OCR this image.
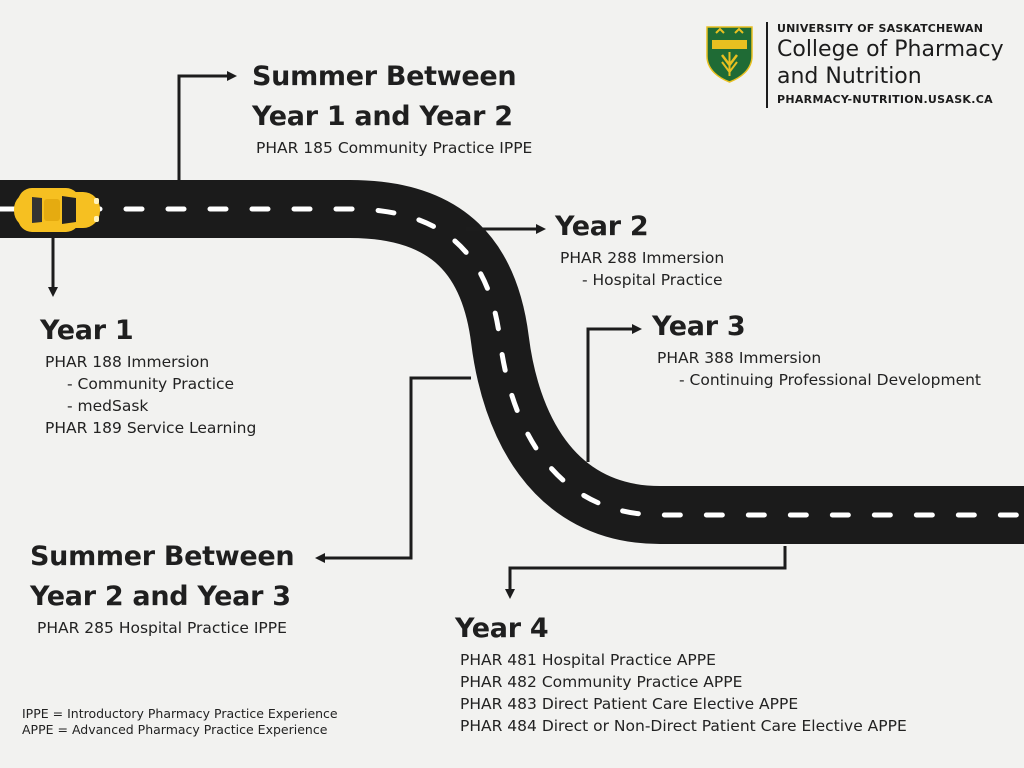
UNIVERSITY OF SASKATCHEWAN

College of Pharmacy

and Nutrition

PHARMACY-NUTRITION.USASK.CA

Summer Between

Year 1 and Year 2

PHAR 185 Community Practice IPPE

Year 1

PHAR 188 Immersion

- Community Practice

- medSask

PHAR 189 Service Learning

Year 2

PHAR 288 Immersion

- Hospital Practice

Year 3

PHAR 388 Immersion

- Continuing Professional Development

Summer Between

Year 2 and Year 3

PHAR 285 Hospital Practice IPPE	Year 4

PHAR 481 Hospital Practice APPE

PHAR 482 Community Practice APPE

PHAR 483 Direct Patient Care Elective APPE

PHAR 484 Direct or Non-Direct Patient Care Elective APPE

IPPE = Introductory Pharmacy Practice Experience

APPE = Advanced Pharmacy Practice Experience
